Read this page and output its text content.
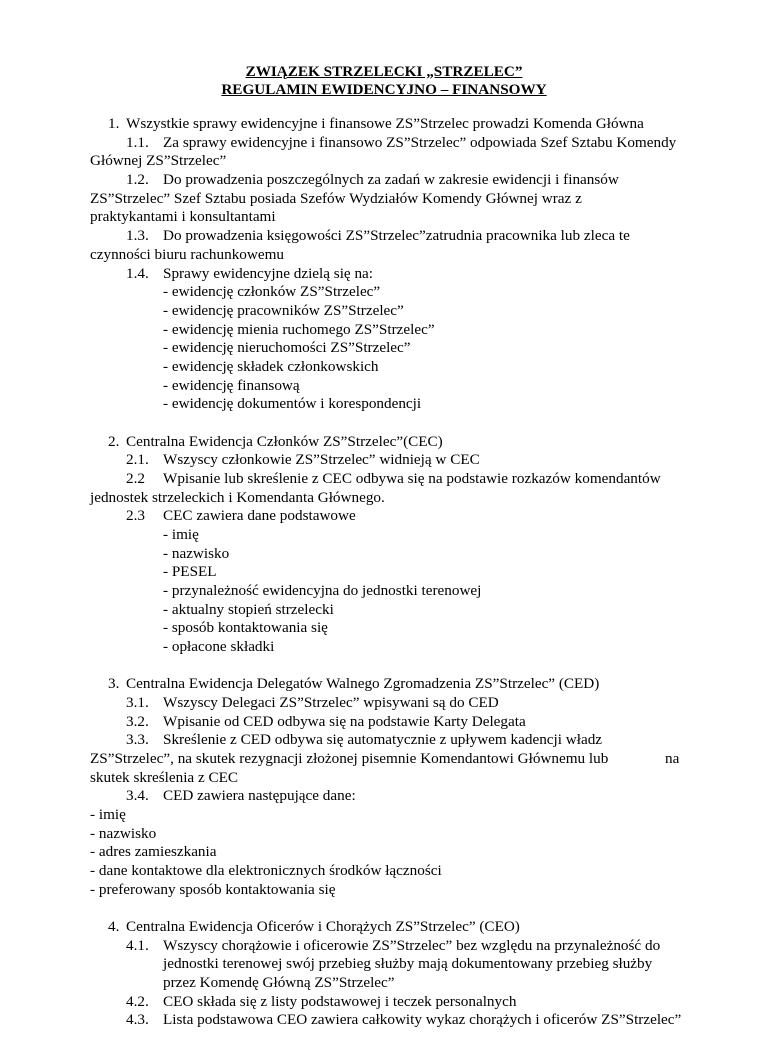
ZWIĄZEK STRZELECKI „STRZELEC”
REGULAMIN EWIDENCYJNO – FINANSOWY
1. Wszystkie sprawy ewidencyjne i finansowe ZS”Strzelec prowadzi Komenda Główna
1.1. Za sprawy ewidencyjne i finansowo ZS”Strzelec” odpowiada Szef Sztabu Komendy
Głównej ZS”Strzelec”
1.2. Do prowadzenia poszczególnych za zadań w zakresie ewidencji i finansów
ZS”Strzelec” Szef Sztabu posiada Szefów Wydziałów Komendy Głównej wraz z
praktykantami i konsultantami
1.3. Do prowadzenia księgowości ZS”Strzelec”zatrudnia pracownika lub zleca te
czynności biuru rachunkowemu
1.4. Sprawy ewidencyjne dzielą się na:
- ewidencję członków ZS”Strzelec”
- ewidencję pracowników ZS”Strzelec”
- ewidencję mienia ruchomego ZS”Strzelec”
- ewidencję nieruchomości ZS”Strzelec”
- ewidencję składek członkowskich
- ewidencję finansową
- ewidencję dokumentów i korespondencji
2. Centralna Ewidencja Członków ZS”Strzelec”(CEC)
2.1. Wszyscy członkowie ZS”Strzelec” widnieją w CEC
2.2 Wpisanie lub skreślenie z CEC odbywa się na podstawie rozkazów komendantów
jednostek strzeleckich i Komendanta Głównego.
2.3 CEC zawiera dane podstawowe
- imię
- nazwisko
- PESEL
- przynależność ewidencyjna do jednostki terenowej
- aktualny stopień strzelecki
- sposób kontaktowania się
- opłacone składki
3. Centralna Ewidencja Delegatów Walnego Zgromadzenia ZS”Strzelec” (CED)
3.1. Wszyscy Delegaci ZS”Strzelec” wpisywani są do CED
3.2. Wpisanie od CED odbywa się na podstawie Karty Delegata
3.3. Skreślenie z CED odbywa się automatycznie z upływem kadencji władz
ZS”Strzelec”, na skutek rezygnacji złożonej pisemnie Komendantowi Głównemu lub	na
skutek skreślenia z CEC
3.4. CED zawiera następujące dane:
- imię
- nazwisko
- adres zamieszkania
- dane kontaktowe dla elektronicznych środków łączności
- preferowany sposób kontaktowania się
4. Centralna Ewidencja Oficerów i Chorążych ZS”Strzelec” (CEO)
4.1. Wszyscy chorążowie i oficerowie ZS”Strzelec” bez względu na przynależność do
jednostki terenowej swój przebieg służby mają dokumentowany przebieg służby
przez Komendę Główną ZS”Strzelec”
4.2. CEO składa się z listy podstawowej i teczek personalnych
4.3. Lista podstawowa CEO zawiera całkowity wykaz chorążych i oficerów ZS”Strzelec”
